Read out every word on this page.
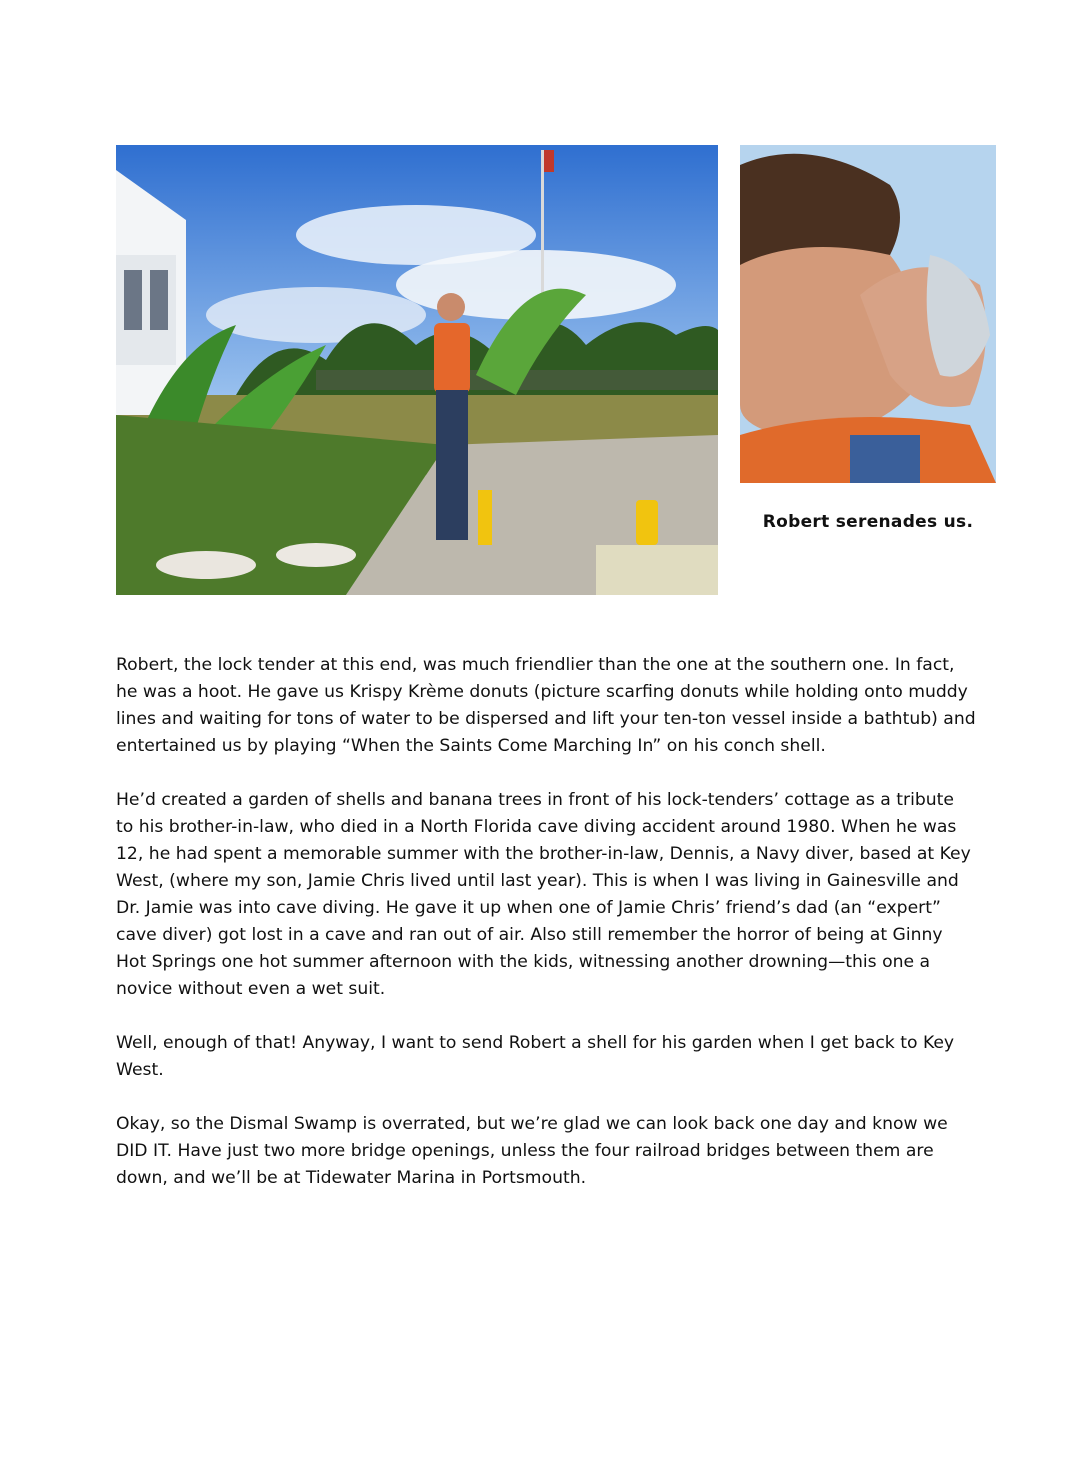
Robert serenades us.

Robert, the lock tender at this end, was much friendlier than the one at the southern one. In fact, he was a hoot. He gave us Krispy Krème donuts (picture scarfing donuts while holding onto muddy lines and waiting for tons of water to be dispersed and lift your ten-ton vessel inside a bathtub) and entertained us by playing “When the Saints Come Marching In” on his conch shell.

He’d created a garden of shells and banana trees in front of his lock-tenders’ cottage as a tribute to his brother-in-law, who died in a North Florida cave diving accident around 1980. When he was 12, he had spent a memorable summer with the brother-in-law, Dennis, a Navy diver, based at Key West, (where my son, Jamie Chris lived until last year). This is when I was living in Gainesville and Dr. Jamie was into cave diving. He gave it up when one of Jamie Chris’ friend’s dad (an “expert” cave diver) got lost in a cave and ran out of air. Also still remember the horror of being at Ginny Hot Springs one hot summer afternoon with the kids, witnessing another drowning—this one a novice without even a wet suit.

Well, enough of that! Anyway, I want to send Robert a shell for his garden when I get back to Key West.

Okay, so the Dismal Swamp is overrated, but we’re glad we can look back one day and know we DID IT. Have just two more bridge openings, unless the four railroad bridges between them are down, and we’ll be at Tidewater Marina in Portsmouth.
